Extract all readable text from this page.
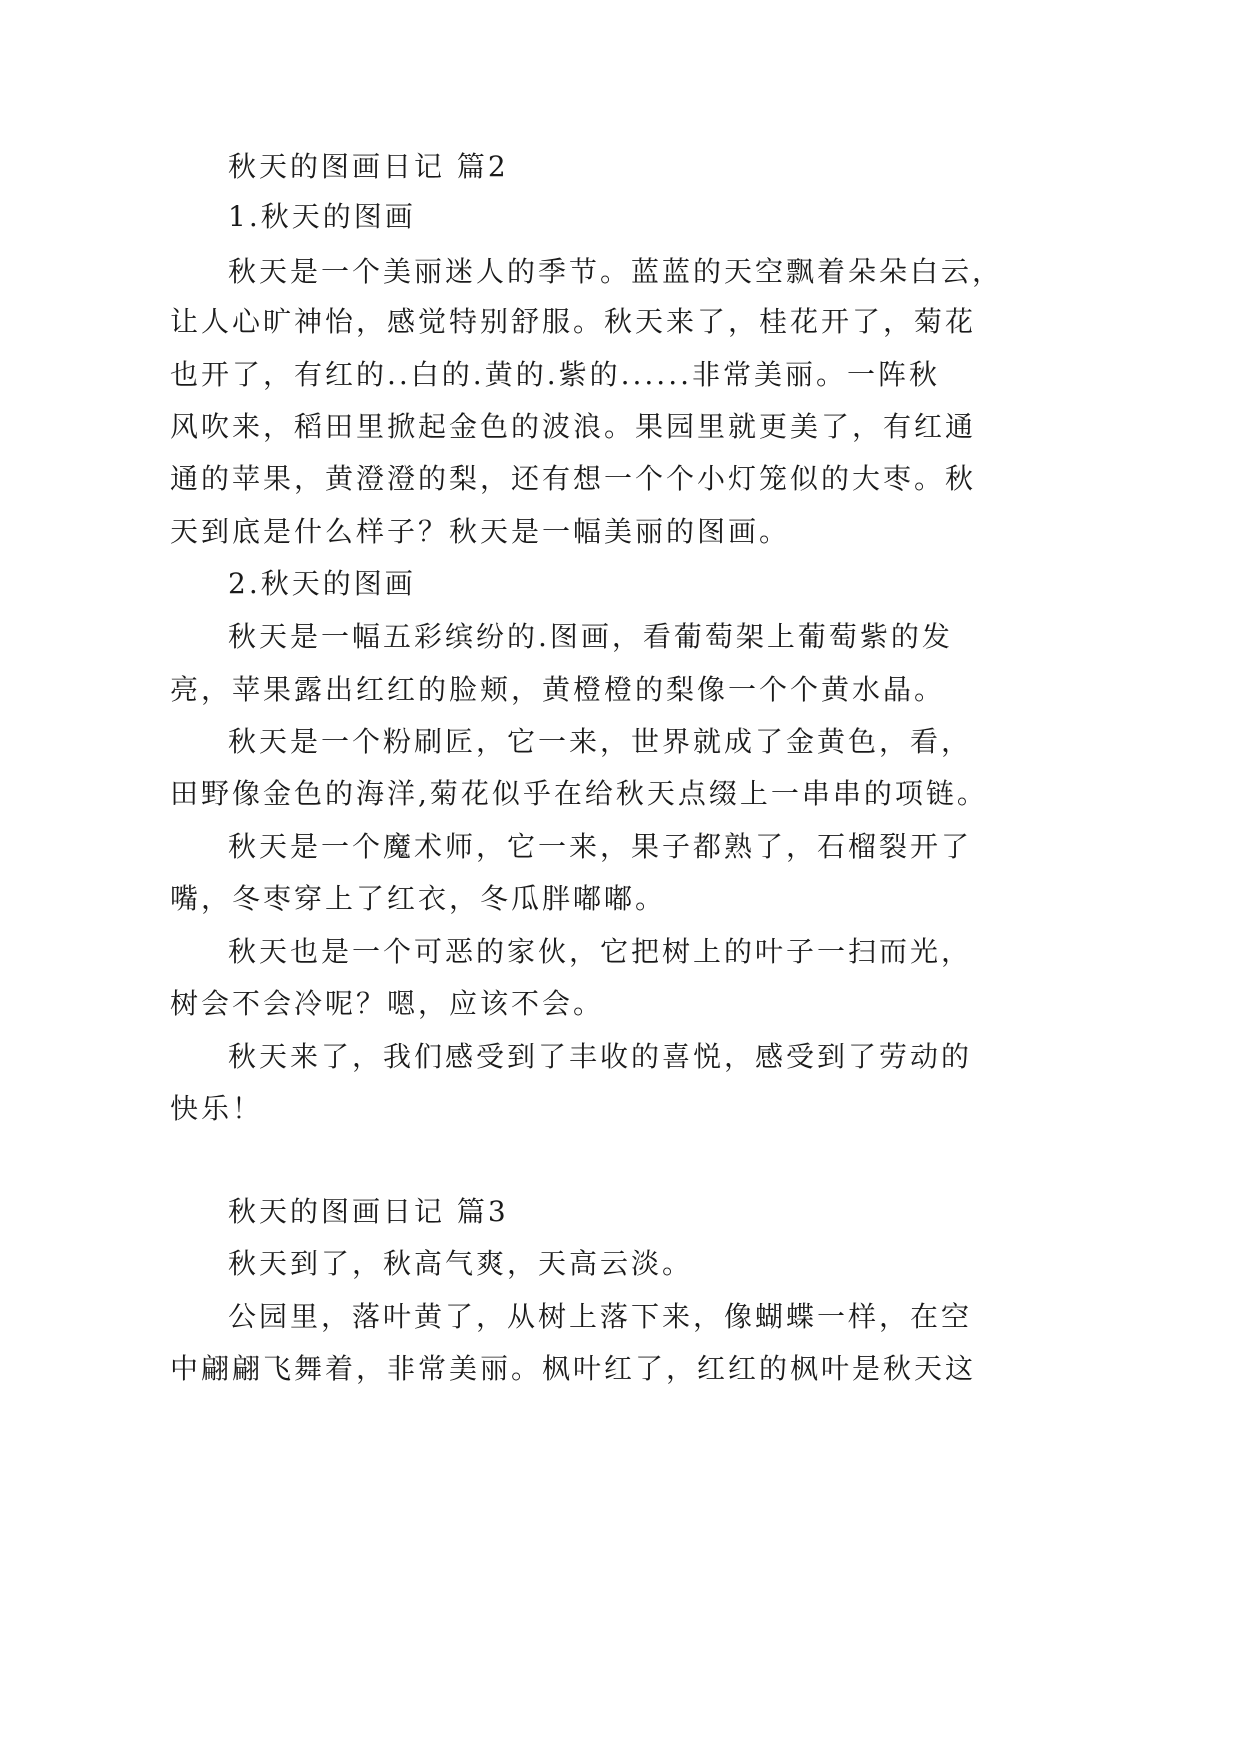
秋天的图画日记 篇2
1.秋天的图画
秋天是一个美丽迷人的季节。蓝蓝的天空飘着朵朵白云，
让人心旷神怡，感觉特别舒服。秋天来了，桂花开了，菊花
也开了，有红的..白的.黄的.紫的......非常美丽。一阵秋
风吹来，稻田里掀起金色的波浪。果园里就更美了，有红通
通的苹果，黄澄澄的梨，还有想一个个小灯笼似的大枣。秋
天到底是什么样子？秋天是一幅美丽的图画。
2.秋天的图画
秋天是一幅五彩缤纷的.图画，看葡萄架上葡萄紫的发
亮，苹果露出红红的脸颊，黄橙橙的梨像一个个黄水晶。
秋天是一个粉刷匠，它一来，世界就成了金黄色，看，
田野像金色的海洋,菊花似乎在给秋天点缀上一串串的项链。
秋天是一个魔术师，它一来，果子都熟了，石榴裂开了
嘴，冬枣穿上了红衣，冬瓜胖嘟嘟。
秋天也是一个可恶的家伙，它把树上的叶子一扫而光，
树会不会冷呢？嗯，应该不会。
秋天来了，我们感受到了丰收的喜悦，感受到了劳动的
快乐！
秋天的图画日记 篇3
秋天到了，秋高气爽，天高云淡。
公园里，落叶黄了，从树上落下来，像蝴蝶一样，在空
中翩翩飞舞着，非常美丽。枫叶红了，红红的枫叶是秋天这
